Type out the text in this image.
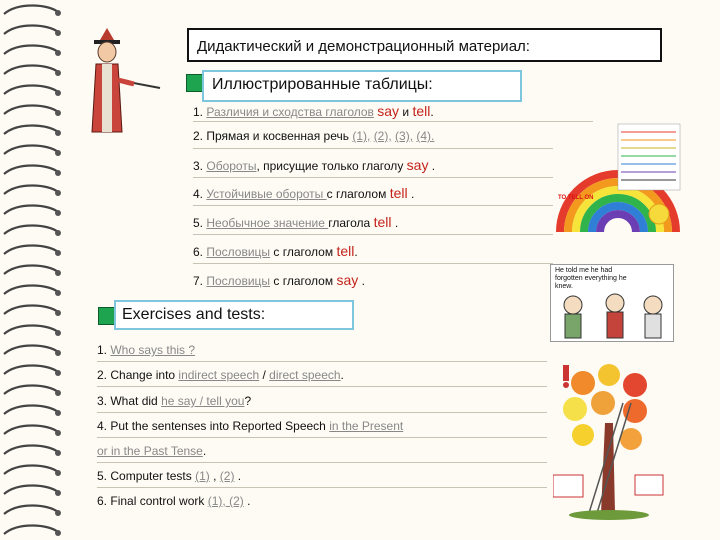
Дидактический и демонстрационный материал:
Иллюстрированные таблицы:
1. Различия и сходства глаголов say и tell.
2. Прямая и косвенная речь (1), (2), (3), (4).
3. Обороты, присущие только глаголу say .
4. Устойчивые обороты с глаголом tell .
5. Необычное значение глагола tell .
6. Пословицы с глаголом tell.
7. Пословицы с глаголом say .
Exercises and tests:
1. Who says this ?
2. Change into indirect speech / direct speech.
3. What did he say / tell you?
4. Put the sentenses into Reported Speech in the Present
or in the Past Tense.
5. Computer tests (1) , (2) .
6. Final control work (1), (2) .
TO TELL ON
He told me he had forgotten everything he knew.
